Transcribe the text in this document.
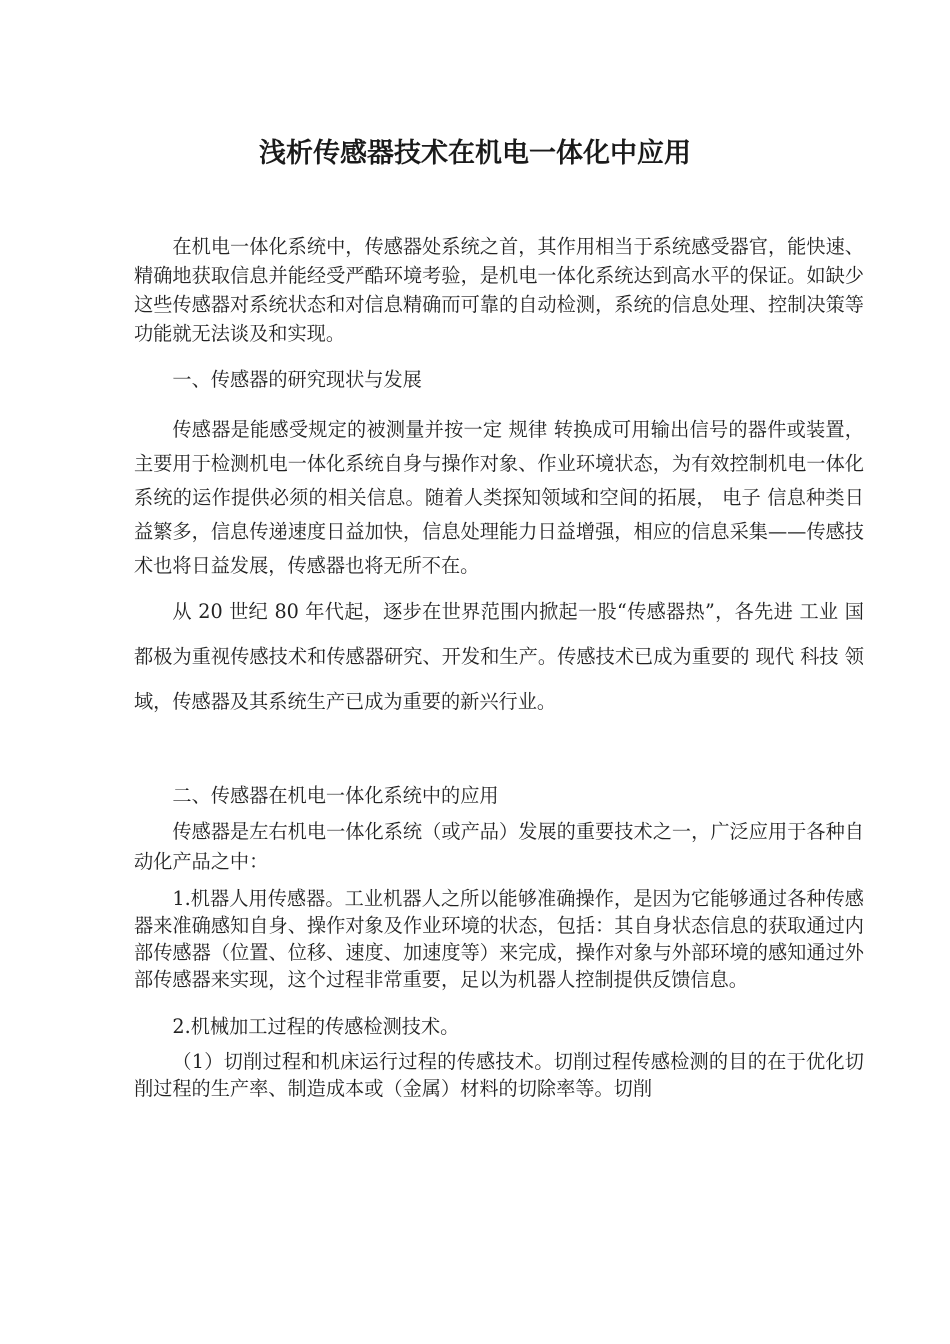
浅析传感器技术在机电一体化中应用

在机电一体化系统中，传感器处系统之首，其作用相当于系统感受器官，能快速、精确地获取信息并能经受严酷环境考验，是机电一体化系统达到高水平的保证。如缺少这些传感器对系统状态和对信息精确而可靠的自动检测，系统的信息处理、控制决策等功能就无法谈及和实现。

一、传感器的研究现状与发展

传感器是能感受规定的被测量并按一定 规律 转换成可用输出信号的器件或装置，主要用于检测机电一体化系统自身与操作对象、作业环境状态，为有效控制机电一体化系统的运作提供必须的相关信息。随着人类探知领域和空间的拓展， 电子 信息种类日益繁多，信息传递速度日益加快，信息处理能力日益增强，相应的信息采集——传感技术也将日益发展，传感器也将无所不在。

从 20 世纪 80 年代起，逐步在世界范围内掀起一股“传感器热”，各先进 工业 国都极为重视传感技术和传感器研究、开发和生产。传感技术已成为重要的 现代 科技 领域，传感器及其系统生产已成为重要的新兴行业。

二、传感器在机电一体化系统中的应用

传感器是左右机电一体化系统（或产品）发展的重要技术之一，广泛应用于各种自动化产品之中：

1.机器人用传感器。工业机器人之所以能够准确操作，是因为它能够通过各种传感器来准确感知自身、操作对象及作业环境的状态，包括：其自身状态信息的获取通过内部传感器（位置、位移、速度、加速度等）来完成，操作对象与外部环境的感知通过外部传感器来实现，这个过程非常重要，足以为机器人控制提供反馈信息。

2.机械加工过程的传感检测技术。

（1）切削过程和机床运行过程的传感技术。切削过程传感检测的目的在于优化切削过程的生产率、制造成本或（金属）材料的切除率等。切削
